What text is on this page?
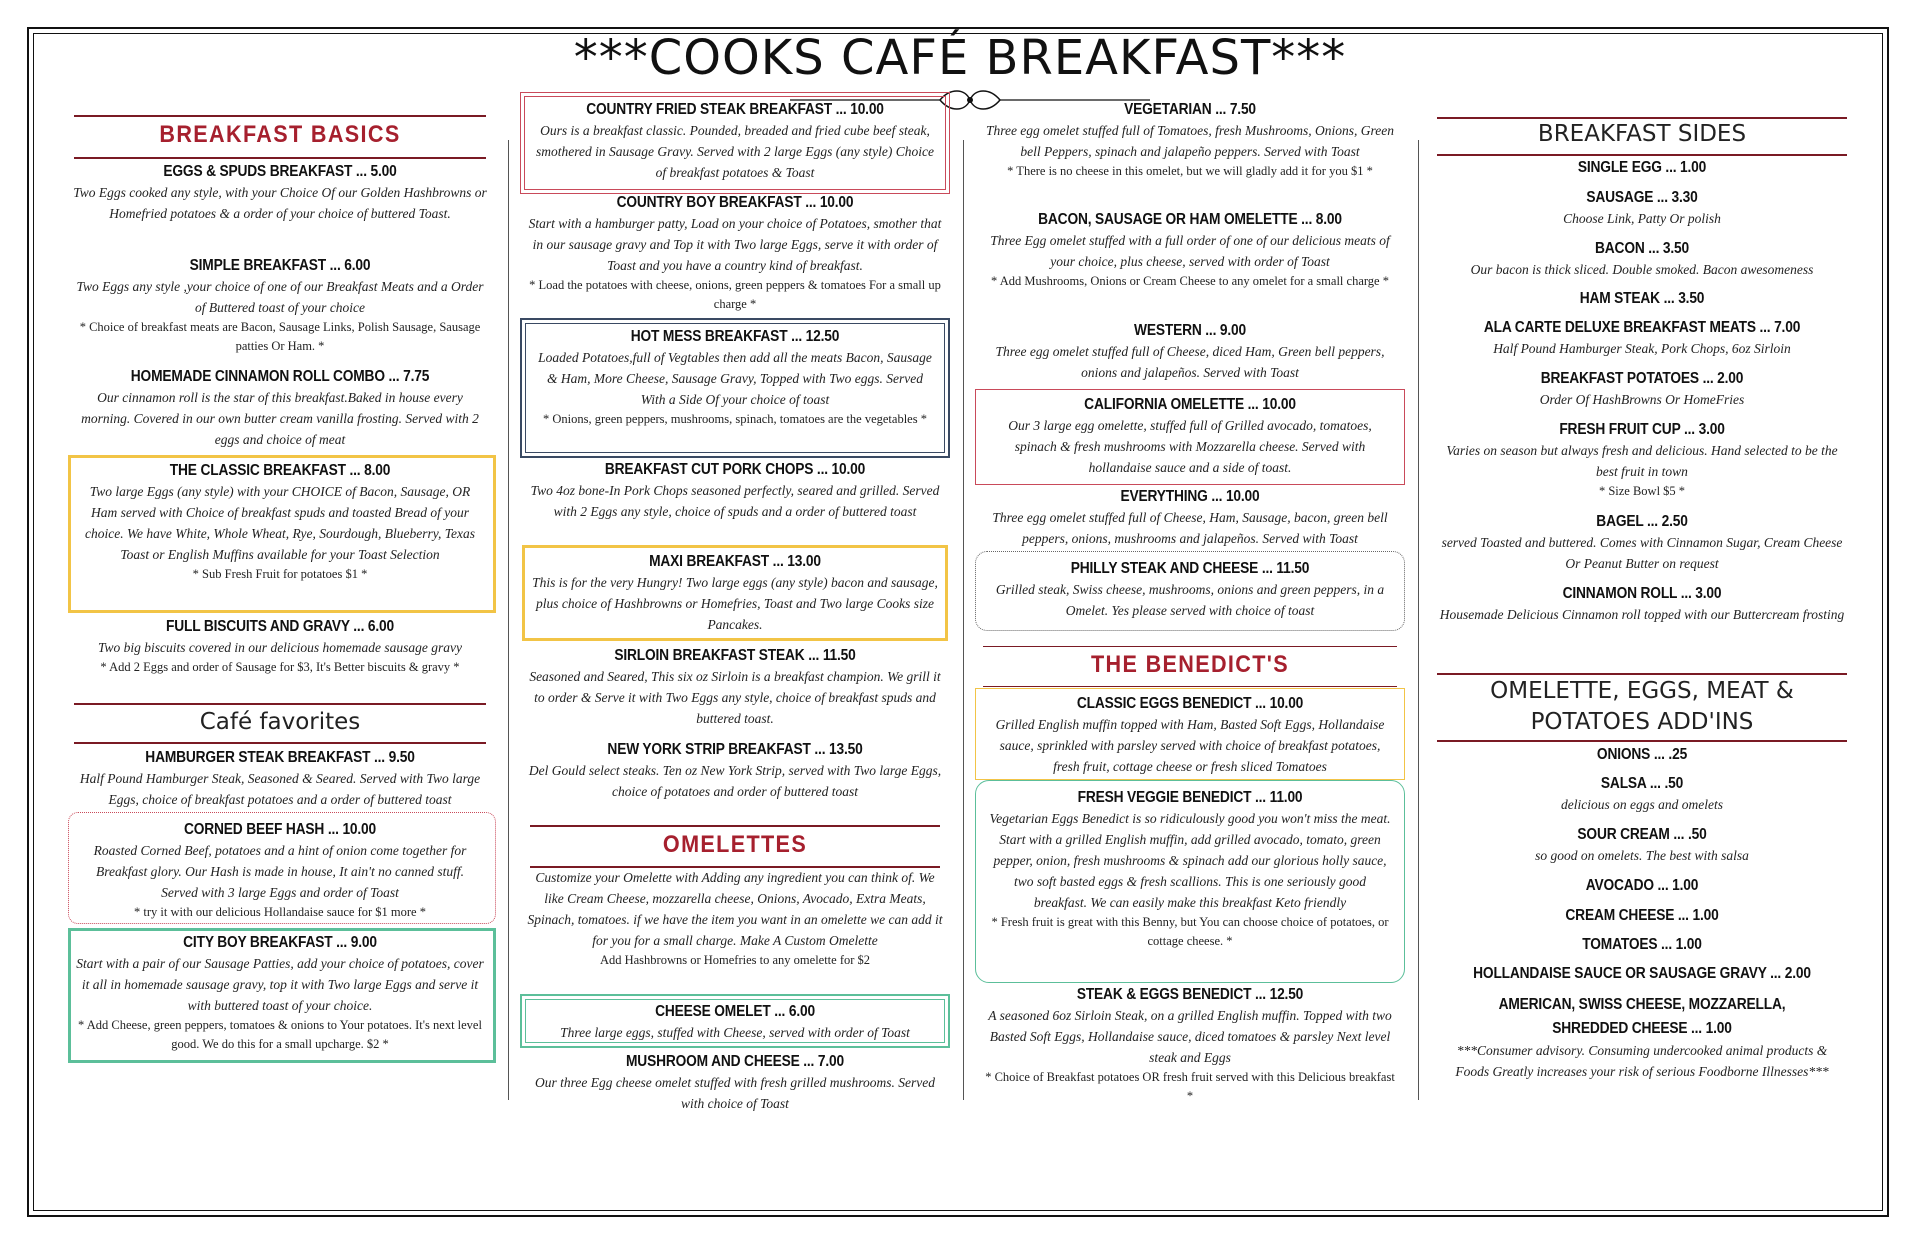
***COOKS CAFÉ BREAKFAST***
BREAKFAST BASICS
EGGS & SPUDS BREAKFAST ... 5.00
Two Eggs cooked any style, with your Choice Of our Golden Hashbrowns or Homefried potatoes & a order of your choice of buttered Toast.
SIMPLE BREAKFAST ... 6.00
Two Eggs any style ,your choice of one of our Breakfast Meats and a Order of Buttered toast of your choice
* Choice of breakfast meats are Bacon, Sausage Links, Polish Sausage, Sausage patties Or Ham. *
HOMEMADE CINNAMON ROLL COMBO ... 7.75
Our cinnamon roll is the star of this breakfast.Baked in house every morning. Covered in our own butter cream vanilla frosting. Served with 2 eggs and choice of meat
THE CLASSIC BREAKFAST ... 8.00
Two large Eggs (any style) with your CHOICE of Bacon, Sausage, OR Ham served with Choice of breakfast spuds and toasted Bread of your choice. We have White, Whole Wheat, Rye, Sourdough, Blueberry, Texas Toast or English Muffins available for your Toast Selection
* Sub Fresh Fruit for potatoes $1 *
FULL BISCUITS AND GRAVY ... 6.00
Two big biscuits covered in our delicious homemade sausage gravy
* Add 2 Eggs and order of Sausage for $3, It's Better biscuits & gravy *
Café favorites
HAMBURGER STEAK BREAKFAST ... 9.50
Half Pound Hamburger Steak, Seasoned & Seared. Served with Two large Eggs, choice of breakfast potatoes and a order of buttered toast
CORNED BEEF HASH ... 10.00
Roasted Corned Beef, potatoes and a hint of onion come together for Breakfast glory. Our Hash is made in house, It ain't no canned stuff. Served with 3 large Eggs and order of Toast
* try it with our delicious Hollandaise sauce for $1 more *
CITY BOY BREAKFAST ... 9.00
Start with a pair of our Sausage Patties, add your choice of potatoes, cover it all in homemade sausage gravy, top it with Two large Eggs and serve it with buttered toast of your choice.
* Add Cheese, green peppers, tomatoes & onions to Your potatoes. It's next level good. We do this for a small upcharge. $2 *
COUNTRY FRIED STEAK BREAKFAST ... 10.00
Ours is a breakfast classic. Pounded, breaded and fried cube beef steak, smothered in Sausage Gravy. Served with 2 large Eggs (any style) Choice of breakfast potatoes & Toast
COUNTRY BOY BREAKFAST ... 10.00
Start with a hamburger patty, Load on your choice of Potatoes, smother that in our sausage gravy and Top it with Two large Eggs, serve it with order of Toast and you have a country kind of breakfast.
* Load the potatoes with cheese, onions, green peppers & tomatoes For a small up charge *
HOT MESS BREAKFAST ... 12.50
Loaded Potatoes,full of Vegtables then add all the meats Bacon, Sausage & Ham, More Cheese, Sausage Gravy, Topped with Two eggs. Served With a Side Of your choice of toast
* Onions, green peppers, mushrooms, spinach, tomatoes are the vegetables *
BREAKFAST CUT PORK CHOPS ... 10.00
Two 4oz bone-In Pork Chops seasoned perfectly, seared and grilled. Served with 2 Eggs any style, choice of spuds and a order of buttered toast
MAXI BREAKFAST ... 13.00
This is for the very Hungry! Two large eggs (any style) bacon and sausage, plus choice of Hashbrowns or Homefries, Toast and Two large Cooks size Pancakes.
SIRLOIN BREAKFAST STEAK ... 11.50
Seasoned and Seared, This six oz Sirloin is a breakfast champion. We grill it to order & Serve it with Two Eggs any style, choice of breakfast spuds and buttered toast.
NEW YORK STRIP BREAKFAST ... 13.50
Del Gould select steaks. Ten oz New York Strip, served with Two large Eggs, choice of potatoes and order of buttered toast
OMELETTES
Customize your Omelette with Adding any ingredient you can think of. We like Cream Cheese, mozzarella cheese, Onions, Avocado, Extra Meats, Spinach, tomatoes. if we have the item you want in an omelette we can add it for you for a small charge. Make A Custom Omelette
Add Hashbrowns or Homefries to any omelette for $2
CHEESE OMELET ... 6.00
Three large eggs, stuffed with Cheese, served with order of Toast
MUSHROOM AND CHEESE ... 7.00
Our three Egg cheese omelet stuffed with fresh grilled mushrooms. Served with choice of Toast
VEGETARIAN ... 7.50
Three egg omelet stuffed full of Tomatoes, fresh Mushrooms, Onions, Green bell Peppers, spinach and jalapeño peppers. Served with Toast
* There is no cheese in this omelet, but we will gladly add it for you $1 *
BACON, SAUSAGE OR HAM OMELETTE ... 8.00
Three Egg omelet stuffed with a full order of one of our delicious meats of your choice, plus cheese, served with order of Toast
* Add Mushrooms, Onions or Cream Cheese to any omelet for a small charge *
WESTERN ... 9.00
Three egg omelet stuffed full of Cheese, diced Ham, Green bell peppers, onions and jalapeños. Served with Toast
CALIFORNIA OMELETTE ... 10.00
Our 3 large egg omelette, stuffed full of Grilled avocado, tomatoes, spinach & fresh mushrooms with Mozzarella cheese. Served with hollandaise sauce and a side of toast.
EVERYTHING ... 10.00
Three egg omelet stuffed full of Cheese, Ham, Sausage, bacon, green bell peppers, onions, mushrooms and jalapeños. Served with Toast
PHILLY STEAK AND CHEESE ... 11.50
Grilled steak, Swiss cheese, mushrooms, onions and green peppers, in a Omelet. Yes please served with choice of toast
THE BENEDICT'S
CLASSIC EGGS BENEDICT ... 10.00
Grilled English muffin topped with Ham, Basted Soft Eggs, Hollandaise sauce, sprinkled with parsley served with choice of breakfast potatoes, fresh fruit, cottage cheese or fresh sliced Tomatoes
FRESH VEGGIE BENEDICT ... 11.00
Vegetarian Eggs Benedict is so ridiculously good you won't miss the meat. Start with a grilled English muffin, add grilled avocado, tomato, green pepper, onion, fresh mushrooms & spinach add our glorious holly sauce, two soft basted eggs & fresh scallions. This is one seriously good breakfast. We can easily make this breakfast Keto friendly
* Fresh fruit is great with this Benny, but You can choose choice of potatoes, or cottage cheese. *
STEAK & EGGS BENEDICT ... 12.50
A seasoned 6oz Sirloin Steak, on a grilled English muffin. Topped with two Basted Soft Eggs, Hollandaise sauce, diced tomatoes & parsley Next level steak and Eggs
* Choice of Breakfast potatoes OR fresh fruit served with this Delicious breakfast *
BREAKFAST SIDES
SINGLE EGG ... 1.00
SAUSAGE ... 3.30
Choose Link, Patty Or polish
BACON ... 3.50
Our bacon is thick sliced. Double smoked. Bacon awesomeness
HAM STEAK ... 3.50
ALA CARTE DELUXE BREAKFAST MEATS ... 7.00
Half Pound Hamburger Steak, Pork Chops, 6oz Sirloin
BREAKFAST POTATOES ... 2.00
Order Of HashBrowns Or HomeFries
FRESH FRUIT CUP ... 3.00
Varies on season but always fresh and delicious. Hand selected to be the best fruit in town
* Size Bowl $5 *
BAGEL ... 2.50
served Toasted and buttered. Comes with Cinnamon Sugar, Cream Cheese Or Peanut Butter on request
CINNAMON ROLL ... 3.00
Housemade Delicious Cinnamon roll topped with our Buttercream frosting
OMELETTE, EGGS, MEAT & POTATOES ADD'INS
ONIONS ... .25
SALSA ... .50
delicious on eggs and omelets
SOUR CREAM ... .50
so good on omelets. The best with salsa
AVOCADO ... 1.00
CREAM CHEESE ... 1.00
TOMATOES ... 1.00
HOLLANDAISE SAUCE OR SAUSAGE GRAVY ... 2.00
AMERICAN, SWISS CHEESE, MOZZARELLA, SHREDDED CHEESE ... 1.00
***Consumer advisory. Consuming undercooked animal products & Foods Greatly increases your risk of serious Foodborne Illnesses***
